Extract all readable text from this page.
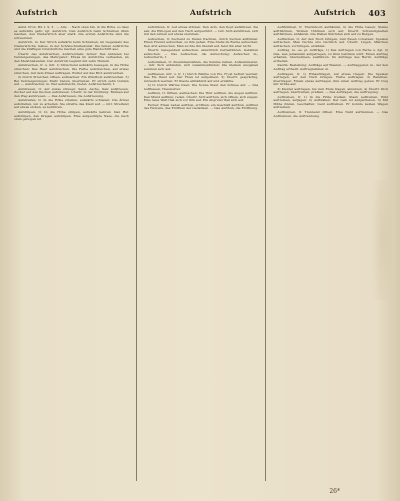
Aufstrich	Aufstrich	Aufstrich 403

Aufst. Pron. Bd. I. S. 3 . — Alle . . Nach oben hin, in die Höhe, so dass es aufwärts geht; vgl. Aufstrich. Den Aufstrich beim Schreiben dünn machen, den Niederstrich aber stark. Die ersten Aufstriche sind die schwersten.

Aufstrich, m. Der Strich aufwärts beim Schreiben, im Gegensatz des Niederstrichs; insbes. in der Schönschreibekunst: Die feinen Aufstriche und die kräftigen Grundstriche machen eine gute Handschrift aus.

Übertr. das Aufstreichen, Aufstreicheln; ferner: Das Anbieten bei Versteigerungen, das Mehrgebot: Etwas im Aufstriche verkaufen, an den Meistbietenden. Der Aufstrich beginnt mit zehn Thalern.

Aufstreichen, tr. u. intr. 1) Streichend aufwärts bewegen, in die Höhe streichen: Das Haar aufstreichen. Die Farbe aufstreichen, auf etwas streichen, mit dem Pinsel auftragen. Butter auf das Brot aufstreichen.

2) Durch Streichen öffnen, aufmachen: Ein Zündholz aufstreichen. 3) Bei Versteigerungen: Mehr bieten, überbieten. Er strich zehn Gulden auf. — Aufstreicher, m. Wer aufstreicht, bietet; Aufstreicherin, f.

Aufstreuen, tr. Auf etwas streuen: Sand, Asche, Salz aufstreuen. Zucker auf den Kuchen aufstreuen. Übertr. in der Dichtung: Blumen auf den Weg aufstreuen. — Das Aufstreuen, die Aufstreuung.

Aufstreifen, tr. In die Höhe streifen, aufwärts schieben: Die Ärmel aufstreifen, um zu arbeiten. Sie streifte das Kleid auf. — intr. Streifend auf etwas stoßen, es berühren.

Aufstülpen, tr. In die Höhe stülpen, aufwärts kehren: Den Hut aufstülpen, den Kragen aufstülpen. Eine aufgestülpte Nase, die nach oben gebogen ist.

Aufstützen, tr. Auf etwas stützen: Den Arm, den Kopf aufstützen. Sie saß, die Ellbogen auf den Tisch aufgestützt. — refl. Sich aufstützen, sich mit den Armen auf etwas stemmen.

Aufsuchen, tr. Suchend zu finden trachten, durch Suchen auffinden: Einen Freund aufsuchen, zu ihm gehen. Eine Stelle im Buche aufsuchen. Den Arzt aufsuchen. Man suchte ihn überall auf, fand ihn aber nicht.

Übertr. Gelegenheit aufsuchen, absichtlich herbeiführen. Gefahren aufsuchen. — Das Aufsuchen, die Aufsuchung; Aufsucher, m., Aufsucherin, f.

Aufsummen, tr. Zusammenzählen, die Summe ziehen. Aufsummieren. — intr. Sich anhäufen, sich zusammenfinden: Die kleinen Ausgaben summen sich auf.

Aufthauen, intr. u. tr. 1) Durch Wärme von Eis, Frost befreit werden: Das Eis thaut auf. Der Fluss ist aufgethaut. 2) Übertr. gesprächig, zutraulich werden: Er thaute allmählich auf und erzählte.

3) tr. Durch Wärme lösen: Die Sonne thaut den Schnee auf. — Das Aufthauen, Thauwetter.

Aufthun, tr. Öffnen, aufmachen: Die Thür aufthun, die Augen aufthun. Den Mund aufthun, reden. Übertr. Sich aufthun, sich öffnen, sich zeigen: Eine neue Welt that sich vor ihm auf. Ein Abgrund that sich auf.

Ferner: Einen Laden aufthun, eröffnen; ein Geschäft aufthun. Aufthun des Herzens, das Eröffnen der Gedanken. — Das Aufthun, die Eröffnung.

Aufthürmen, tr. Thurmhoch aufhäufen, in die Höhe bauen: Steine aufthürmen, Wolken thürmen sich auf. Übertr. Schwierigkeiten aufthürmen, anhäufen. Die Wellen thürmten sich auf zu Bergen.

Auftischen, tr. Auf den Tisch bringen, zum Essen vorsetzen: Speisen auftischen. Man tischte uns reichlich auf. Übertr. Lügen, Märchen auftischen, vorbringen, erzählen.

Auftrag, m. -es, pl. Aufträge. 1) Das Auftragen von Farbe u. dgl. 2) Das, was jemandem aufgetragen, zu thun befohlen wird: Einen Auftrag erhalten, übernehmen, ausführen. Im Auftrage des Herrn. Aufträge ertheilen.

Kaufm. Bestellung: Aufträge auf Waaren. — Auftraggeber, m., der den Auftrag ertheilt. Auftragnehmer, m.

Auftragen, tr. 1) Hinauftragen, auf etwas tragen: Die Speisen auftragen, auf den Tisch bringen. Farbe auftragen. 2) Befehlen, übertragen: Einem etwas auftragen, ihm einen Auftrag geben. Er trug mir Grüße auf.

3) Kleider auftragen, bis zum Ende tragen, abnutzen. 4) Übertr. Dick auftragen, übertreiben, prahlen. — Das Auftragen, die Auftragung.

Auftreiben, tr. 1) In die Höhe treiben: Staub auftreiben. Wild auftreiben, aufjagen. 2) Aufblähen: Der Leib ist aufgetrieben. 3) Mit Mühe finden, beschaffen: Geld auftreiben. Er konnte keinen Wagen auftreiben.

Auftrennen, tr. Trennend öffnen: Eine Naht auftrennen. — Das Auftrennen, die Auftrennung.

26*
